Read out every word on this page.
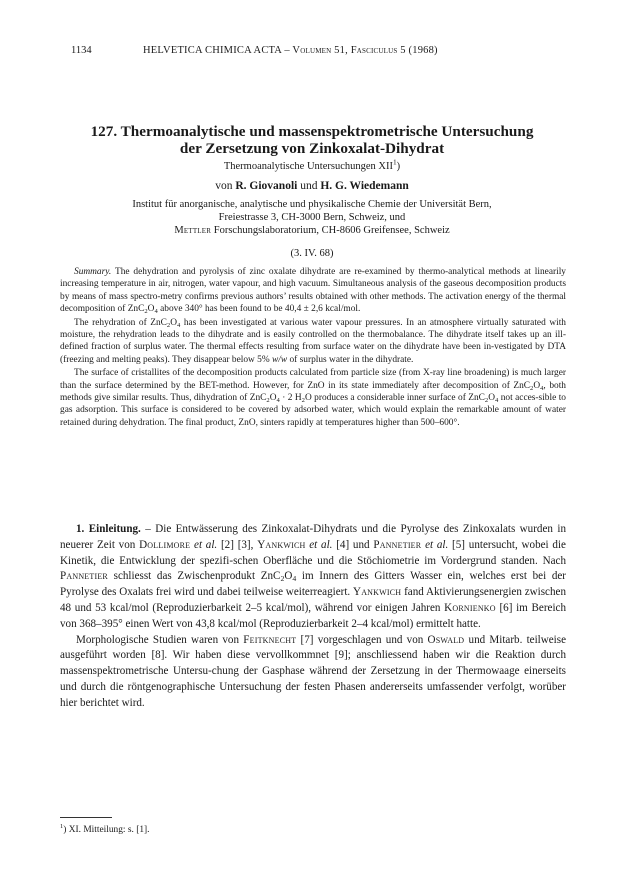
1134	HELVETICA CHIMICA ACTA – Volumen 51, Fasciculus 5 (1968)
127. Thermoanalytische und massenspektrometrische Untersuchung
der Zersetzung von Zinkoxalat-Dihydrat
Thermoanalytische Untersuchungen XII$^1$)
von R. Giovanoli und H. G. Wiedemann
Institut für anorganische, analytische und physikalische Chemie der Universität Bern,
Freiestrasse 3, CH-3000 Bern, Schweiz, und
Mettler Forschungslaboratorium, CH-8606 Greifensee, Schweiz
(3. IV. 68)

Summary. The dehydration and pyrolysis of zinc oxalate dihydrate are re-examined by thermo-analytical methods at linearily increasing temperature in air, nitrogen, water vapour, and high vacuum. Simultaneous analysis of the gaseous decomposition products by means of mass spectro-metry confirms previous authors’ results obtained with other methods. The activation energy of the thermal decomposition of $ZnC_2O_4$ above 340° has been found to be 40,4 ± 2,6 kcal/mol.

The rehydration of $ZnC_2O_4$ has been investigated at various water vapour pressures. In an atmosphere virtually saturated with moisture, the rehydration leads to the dihydrate and is easily controlled on the thermobalance. The dihydrate itself takes up an ill-defined fraction of surplus water. The thermal effects resulting from surface water on the dihydrate have been in-vestigated by DTA (freezing and melting peaks). They disappear below 5% w/w of surplus water in the dihydrate.

The surface of cristallites of the decomposition products calculated from particle size (from X-ray line broadening) is much larger than the surface determined by the BET-method. However, for ZnO in its state immediately after decomposition of $ZnC_2O_4$, both methods give similar results. Thus, dihydration of $ZnC_2O_4 \cdot 2$ $H_2O$ produces a considerable inner surface of $ZnC_2O_4$ not acces-sible to gas adsorption. This surface is considered to be covered by adsorbed water, which would explain the remarkable amount of water retained during dehydration. The final product, ZnO, sinters rapidly at temperatures higher than 500–600°.

1. Einleitung. – Die Entwässerung des Zinkoxalat-Dihydrats und die Pyrolyse des Zinkoxalats wurden in neuerer Zeit von Dollimore et al. [2] [3], Yankwich et al. [4] und Pannetier et al. [5] untersucht, wobei die Kinetik, die Entwicklung der spezifi-schen Oberfläche und die Stöchiometrie im Vordergrund standen. Nach Pannetier schliesst das Zwischenprodukt $ZnC_2O_4$ im Innern des Gitters Wasser ein, welches erst bei der Pyrolyse des Oxalats frei wird und dabei teilweise weiterreagiert. Yankwich fand Aktivierungsenergien zwischen 48 und 53 kcal/mol (Reproduzierbarkeit 2–5 kcal/mol), während vor einigen Jahren Kornienko [6] im Bereich von 368–395° einen Wert von 43,8 kcal/mol (Reproduzierbarkeit 2–4 kcal/mol) ermittelt hatte.

Morphologische Studien waren von Feitknecht [7] vorgeschlagen und von Oswald und Mitarb. teilweise ausgeführt worden [8]. Wir haben diese vervollkommnet [9]; anschliessend haben wir die Reaktion durch massenspektrometrische Untersu-chung der Gasphase während der Zersetzung in der Thermowaage einerseits und durch die röntgenographische Untersuchung der festen Phasen andererseits umfassender verfolgt, worüber hier berichtet wird.

$^1$) XI. Mitteilung: s. [1].
